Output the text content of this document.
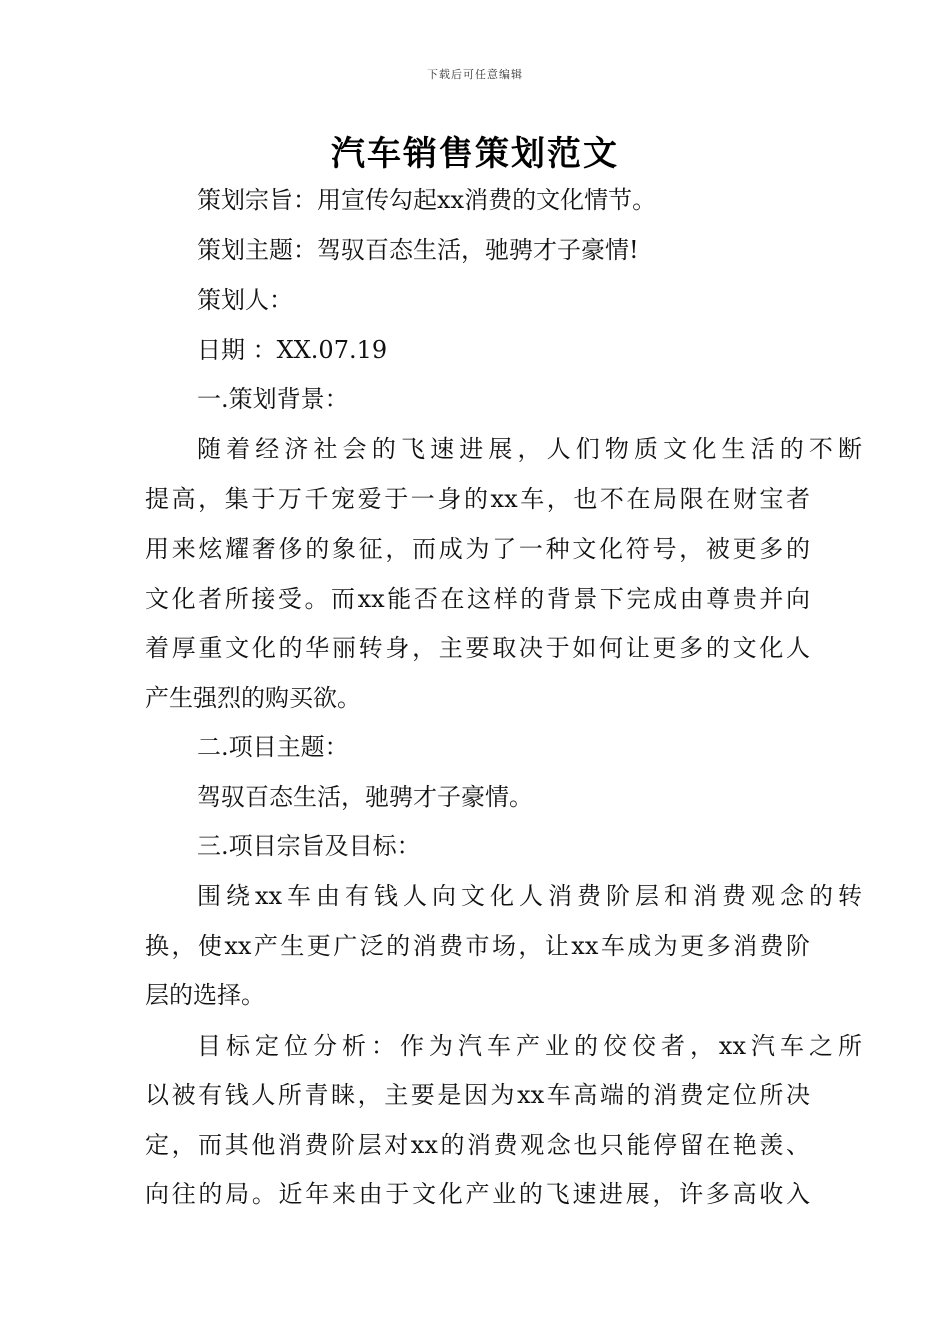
下载后可任意编辑
汽车销售策划范文
策划宗旨：用宣传勾起xx消费的文化情节。
策划主题：驾驭百态生活，驰骋才子豪情!
策划人：
日期 ：XX.07.19
一.策划背景：
随着经济社会的飞速进展，人们物质文化生活的不断
提高，集于万千宠爱于一身的xx车，也不在局限在财宝者
用来炫耀奢侈的象征，而成为了一种文化符号，被更多的
文化者所接受。而xx能否在这样的背景下完成由尊贵并向
着厚重文化的华丽转身，主要取决于如何让更多的文化人
产生强烈的购买欲。
二.项目主题：
驾驭百态生活，驰骋才子豪情。
三.项目宗旨及目标：
围绕xx车由有钱人向文化人消费阶层和消费观念的转
换，使xx产生更广泛的消费市场，让xx车成为更多消费阶
层的选择。
目标定位分析：作为汽车产业的佼佼者，xx汽车之所
以被有钱人所青睐，主要是因为xx车高端的消费定位所决
定，而其他消费阶层对xx的消费观念也只能停留在艳羡、
向往的局。近年来由于文化产业的飞速进展，许多高收入
